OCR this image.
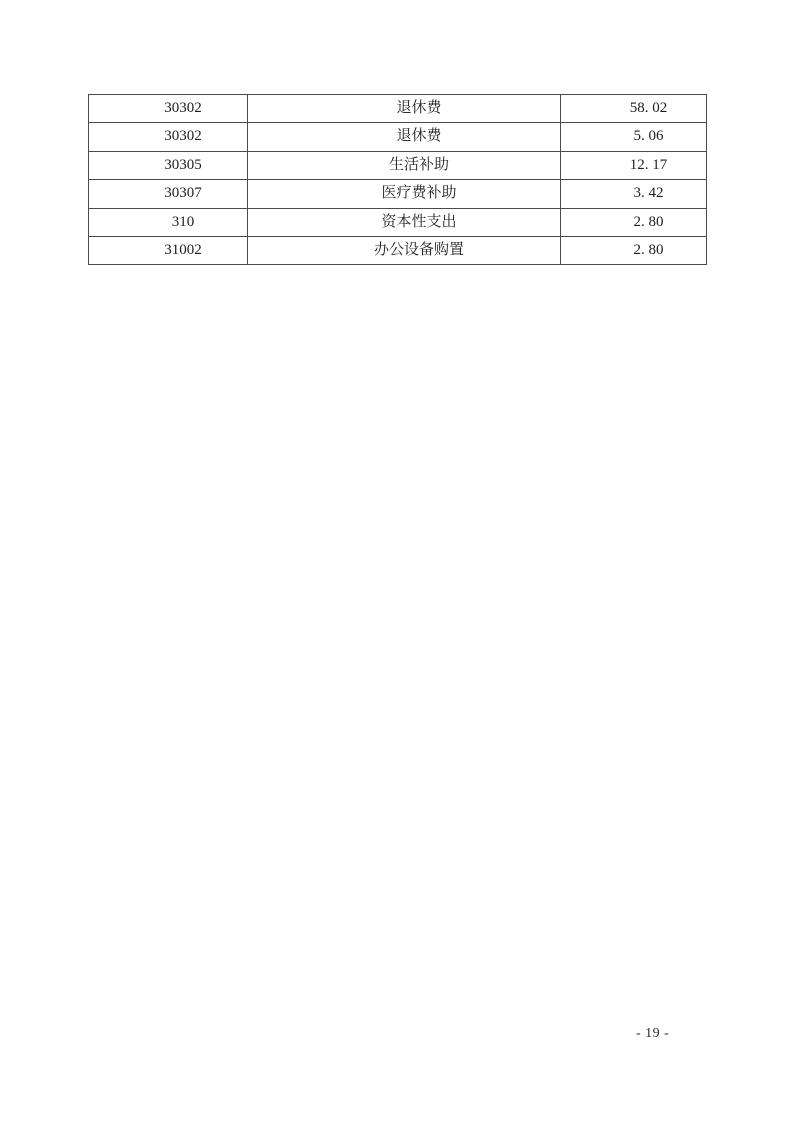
30302	退休费	58. 02
30302	退休费	5. 06
30305	生活补助	12. 17
30307	医疗费补助	3. 42
310	资本性支出	2. 80
31002	办公设备购置	2. 80
- 19 -
